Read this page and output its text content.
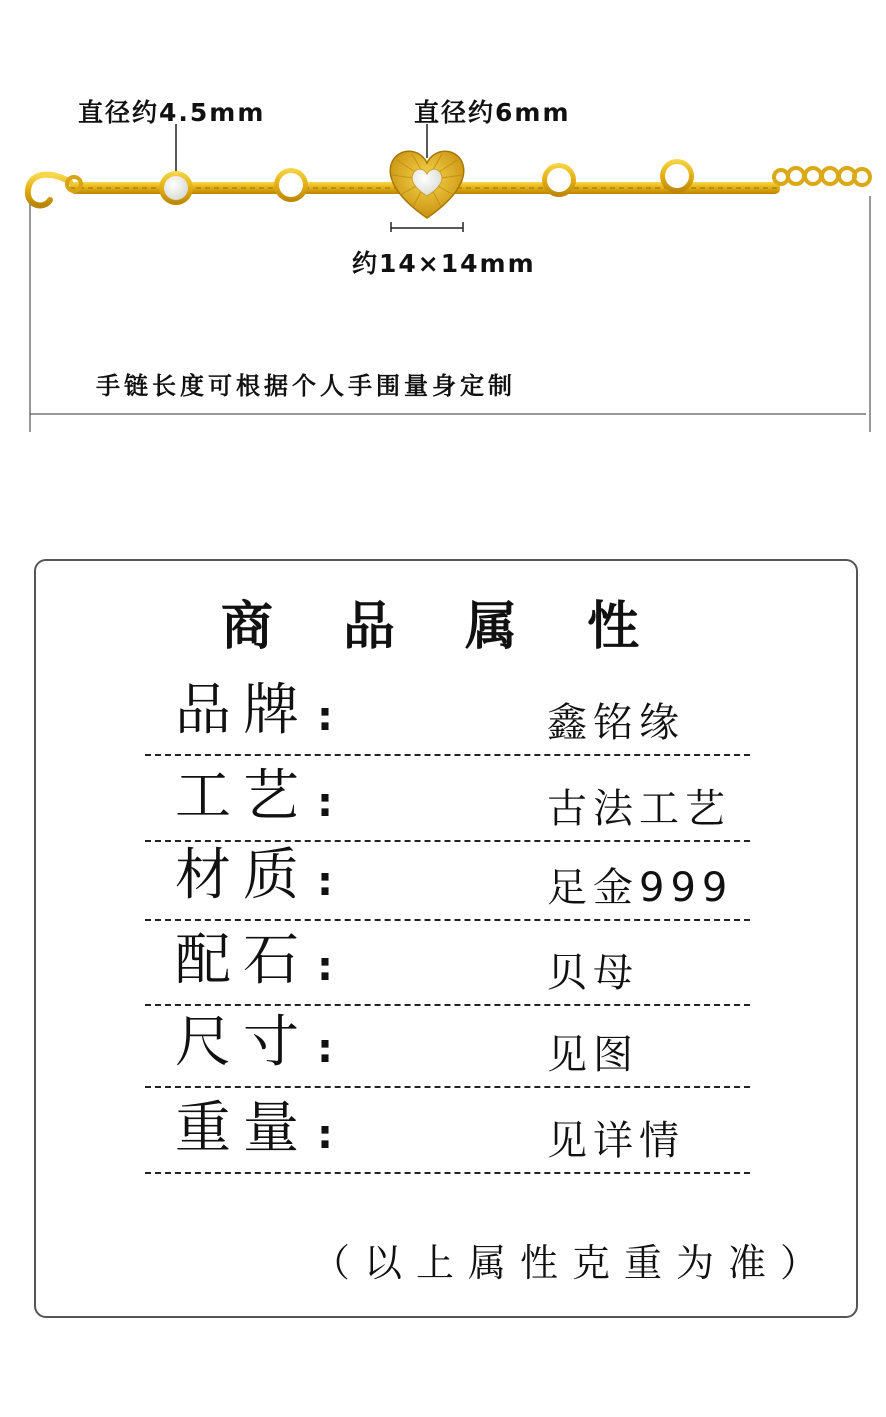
直径约4.5mm	直径约6mm
约14×14mm
手链长度可根据个人手围量身定制
商 品 属 性
品牌 :	鑫铭缘
工艺 :	古法工艺
材质 :	足金999
配石 :	贝母
尺寸 :	见图
重量 :	见详情
（以上属性克重为准）
